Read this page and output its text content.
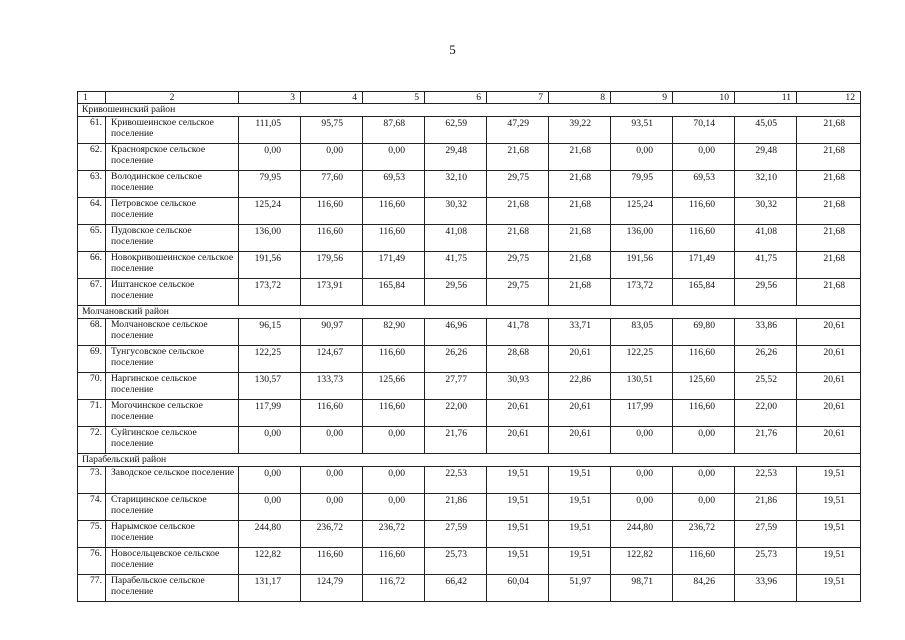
5
1	2	3	4	5	6	7	8	9	10	11	12
Кривошеинский район											
61.	Кривошеинское сельское поселение	111,05	95,75	87,68	62,59	47,29	39,22	93,51	70,14	45,05	21,68
62.	Красноярское сельское поселение	0,00	0,00	0,00	29,48	21,68	21,68	0,00	0,00	29,48	21,68
63.	Володинское сельское поселение	79,95	77,60	69,53	32,10	29,75	21,68	79,95	69,53	32,10	21,68
64.	Петровское сельское поселение	125,24	116,60	116,60	30,32	21,68	21,68	125,24	116,60	30,32	21,68
65.	Пудовское сельское поселение	136,00	116,60	116,60	41,08	21,68	21,68	136,00	116,60	41,08	21,68
66.	Новокривошеинское сельское поселение	191,56	179,56	171,49	41,75	29,75	21,68	191,56	171,49	41,75	21,68
67.	Иштанское сельское поселение	173,72	173,91	165,84	29,56	29,75	21,68	173,72	165,84	29,56	21,68
Молчановский район											
68.	Молчановское сельское поселение	96,15	90,97	82,90	46,96	41,78	33,71	83,05	69,80	33,86	20,61
69.	Тунгусовское сельское поселение	122,25	124,67	116,60	26,26	28,68	20,61	122,25	116,60	26,26	20,61
70.	Наргинское сельское поселение	130,57	133,73	125,66	27,77	30,93	22,86	130,51	125,60	25,52	20,61
71.	Могочинское сельское поселение	117,99	116,60	116,60	22,00	20,61	20,61	117,99	116,60	22,00	20,61
72.	Суйгинское сельское поселение	0,00	0,00	0,00	21,76	20,61	20,61	0,00	0,00	21,76	20,61
Парабельский район											
73.	Заводское сельское поселение	0,00	0,00	0,00	22,53	19,51	19,51	0,00	0,00	22,53	19,51
74.	Старицинское сельское поселение	0,00	0,00	0,00	21,86	19,51	19,51	0,00	0,00	21,86	19,51
75.	Нарымское сельское поселение	244,80	236,72	236,72	27,59	19,51	19,51	244,80	236,72	27,59	19,51
76.	Новосельцевское сельское поселение	122,82	116,60	116,60	25,73	19,51	19,51	122,82	116,60	25,73	19,51
77.	Парабельское сельское поселение	131,17	124,79	116,72	66,42	60,04	51,97	98,71	84,26	33,96	19,51
